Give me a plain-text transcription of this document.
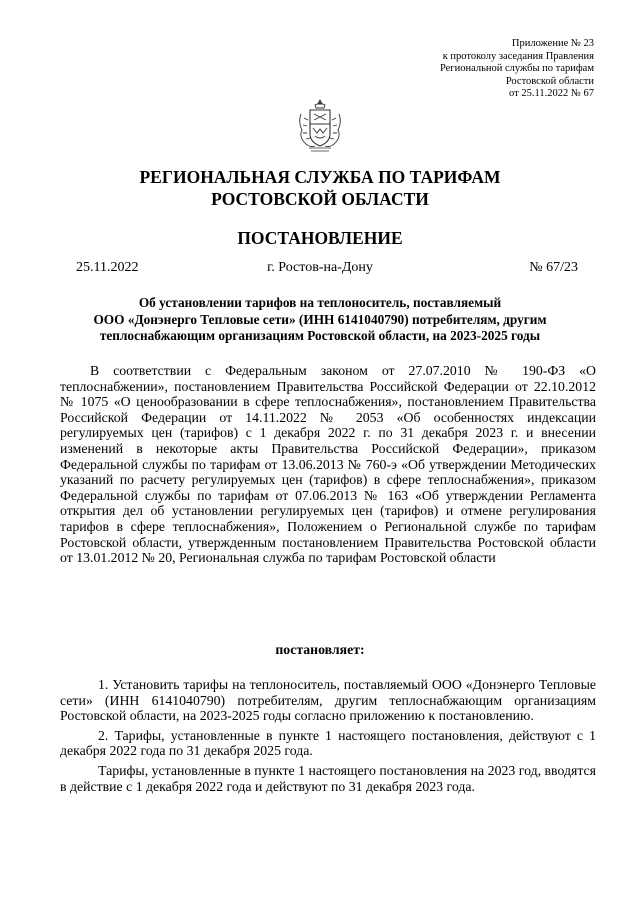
Приложение № 23
к протоколу заседания Правления
Региональной службы по тарифам
Ростовской области
от 25.11.2022 № 67
РЕГИОНАЛЬНАЯ СЛУЖБА ПО ТАРИФАМ
РОСТОВСКОЙ ОБЛАСТИ
ПОСТАНОВЛЕНИЕ
25.11.2022	г. Ростов-на-Дону	№ 67/23
Об установлении тарифов на теплоноситель, поставляемый
ООО «Донэнерго Тепловые сети» (ИНН 6141040790) потребителям, другим
теплоснабжающим организациям Ростовской области, на 2023-2025 годы

В соответствии с Федеральным законом от 27.07.2010 № 190-ФЗ «О теплоснабжении», постановлением Правительства Российской Федерации от 22.10.2012 № 1075 «О ценообразовании в сфере теплоснабжения», постановлением Правительства Российской Федерации от 14.11.2022 № 2053 «Об особенностях индексации регулируемых цен (тарифов) с 1 декабря 2022 г. по 31 декабря 2023 г. и внесении изменений в некоторые акты Правительства Российской Федерации», приказом Федеральной службы по тарифам от 13.06.2013 № 760-э «Об утверждении Методических указаний по расчету регулируемых цен (тарифов) в сфере теплоснабжения», приказом Федеральной службы по тарифам от 07.06.2013 № 163 «Об утверждении Регламента открытия дел об установлении регулируемых цен (тарифов) и отмене регулирования тарифов в сфере теплоснабжения», Положением о Региональной службе по тарифам Ростовской области, утвержденным постановлением Правительства Ростовской области от 13.01.2012 № 20, Региональная служба по тарифам Ростовской области

постановляет:

1. Установить тарифы на теплоноситель, поставляемый ООО «Донэнерго Тепловые сети» (ИНН 6141040790) потребителям, другим теплоснабжающим организациям Ростовской области, на 2023-2025 годы согласно приложению к постановлению.

2. Тарифы, установленные в пункте 1 настоящего постановления, действуют с 1 декабря 2022 года по 31 декабря 2025 года.

Тарифы, установленные в пункте 1 настоящего постановления на 2023 год, вводятся в действие с 1 декабря 2022 года и действуют по 31 декабря 2023 года.
